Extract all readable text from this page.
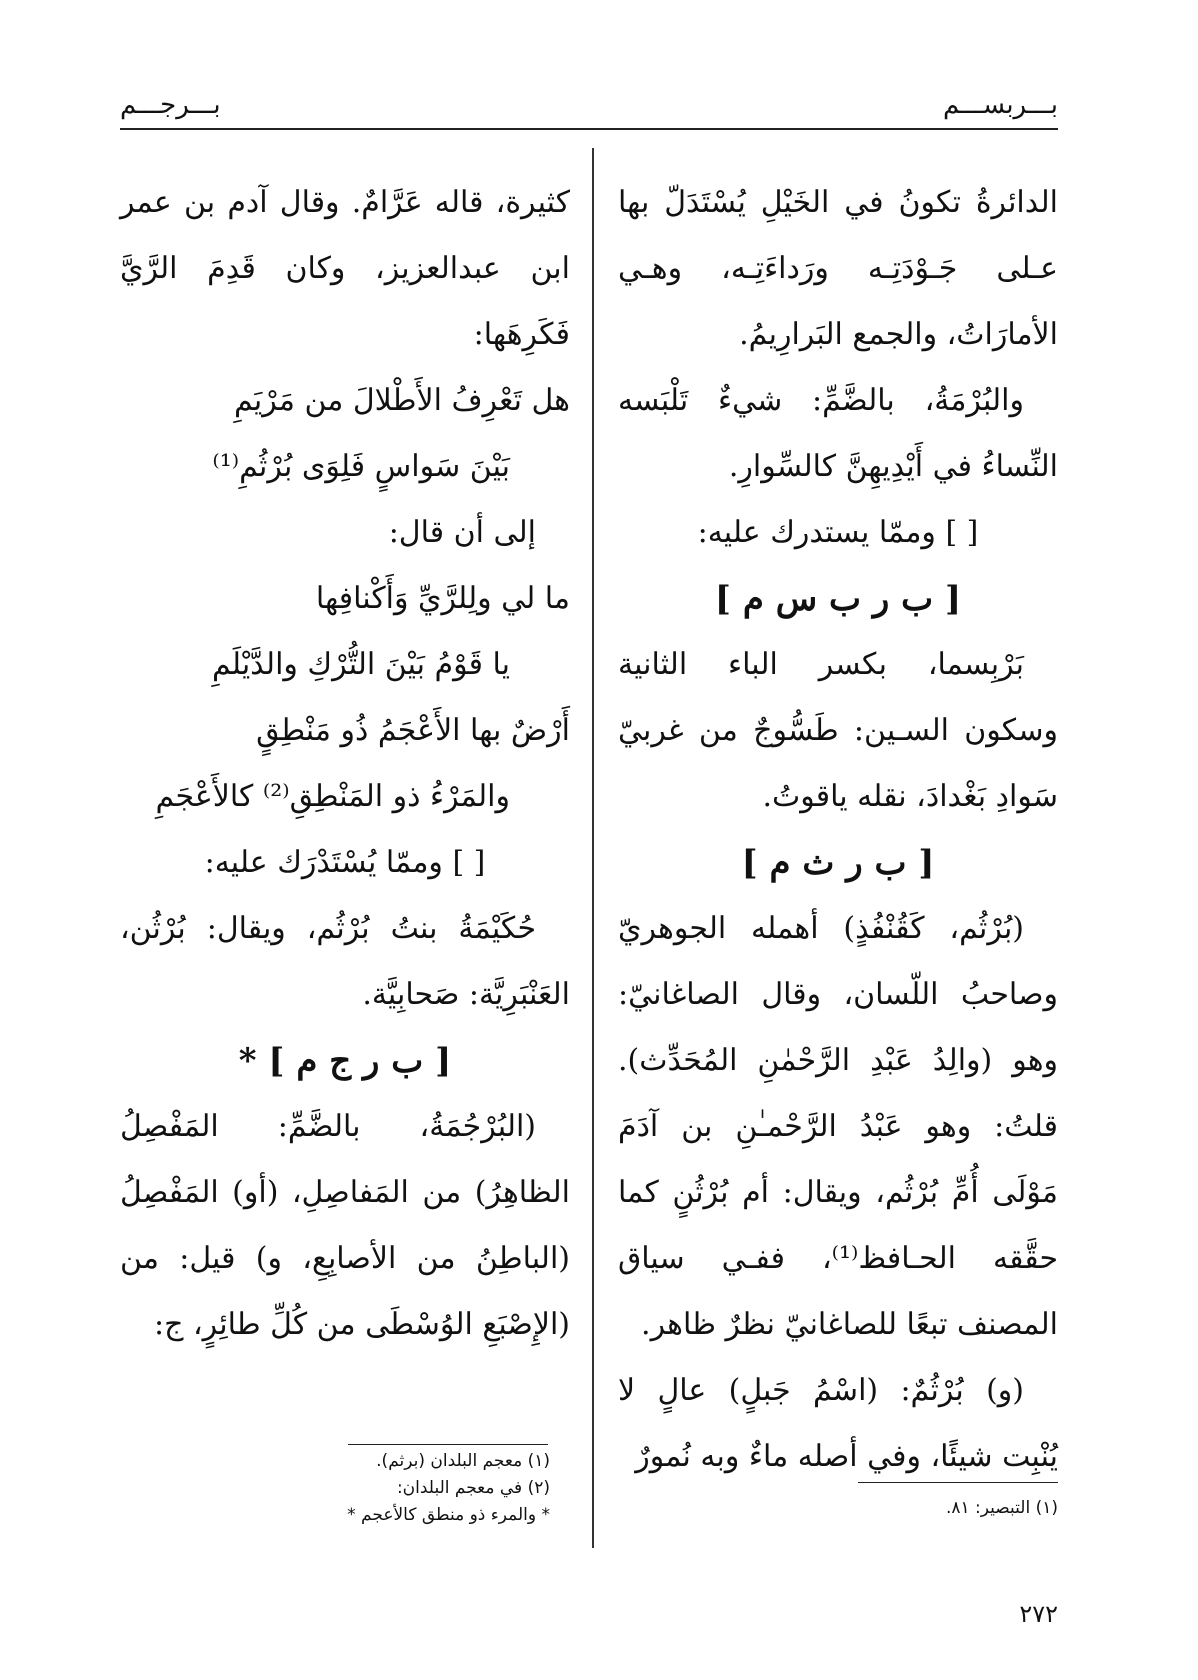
بـــربســـم
بـــرجـــم

الدائرةُ تكونُ في الخَيْلِ يُسْتَدَلّ بها عـلى جَـوْدَتِـه ورَداءَتِـه، وهـي الأمارَاتُ، والجمع البَرارِيمُ.

والبُرْمَةُ، بالضَّمِّ: شيءٌ تَلْبَسه النِّساءُ في أَيْدِيهِنَّ كالسِّوارِ.

[ ] وممّا يستدرك عليه:

[ ب ر ب س م ]

بَرْبِسما، بكسر الباء الثانية وسكون السـين: طَسُّوجٌ من غربيّ سَوادِ بَغْدادَ، نقله ياقوتُ.

[ ب ر ث م ]

(بُرْثُم، كَقُنْفُذٍ) أهمله الجوهريّ وصاحبُ اللّسان، وقال الصاغانيّ: وهو (والِدُ عَبْدِ الرَّحْمٰنِ المُحَدِّث). قلتُ: وهو عَبْدُ الرَّحْمـٰنِ بن آدَمَ مَوْلَى أُمِّ بُرْثُم، ويقال: أم بُرْثُنٍ كما حقَّقه الحـافظ⁽¹⁾، ففـي سياق المصنف تبعًا للصاغانيّ نظرٌ ظاهر.

(و) بُرْثُمٌ: (اسْمُ جَبلٍ) عالٍ لا يُنْبِت شيئًا، وفي أصله ماءٌ وبه نُمورٌ

كثيرة، قاله عَرَّامٌ. وقال آدم بن عمر ابن عبدالعزيز، وكان قَدِمَ الرَّيَّ فَكَرِهَها:

هل تَعْرِفُ الأَطْلالَ من مَرْيَمِ

بَيْنَ سَواسٍ فَلِوَى بُرْثُمِ⁽¹⁾

إلى أن قال:

ما لي ولِلرَّيِّ وَأَكْنافِها

يا قَوْمُ بَيْنَ التُّرْكِ والدَّيْلَمِ

أَرْضٌ بها الأَعْجَمُ ذُو مَنْطِقٍ

والمَرْءُ ذو المَنْطِقِ⁽²⁾ كالأَعْجَمِ

[ ] وممّا يُسْتَدْرَك عليه:

حُكَيْمَةُ بنتُ بُرْثُم، ويقال: بُرْثُن، العَنْبَرِيَّة: صَحابِيَّة.

[ ب ر ج م ] *

(البُرْجُمَةُ، بالضَّمِّ: المَفْصِلُ الظاهِرُ) من المَفاصِلِ، (أو) المَفْصِلُ (الباطِنُ من الأصابِعِ، و) قيل: من (الإِصْبَعِ الوُسْطَى من كُلِّ طائِرٍ، ج:

(١) معجم البلدان (برثم).
(٢) في معجم البلدان:
* والمرء ذو منطق كالأعجم *	(١) التبصير: ٨١.
٢٧٢
